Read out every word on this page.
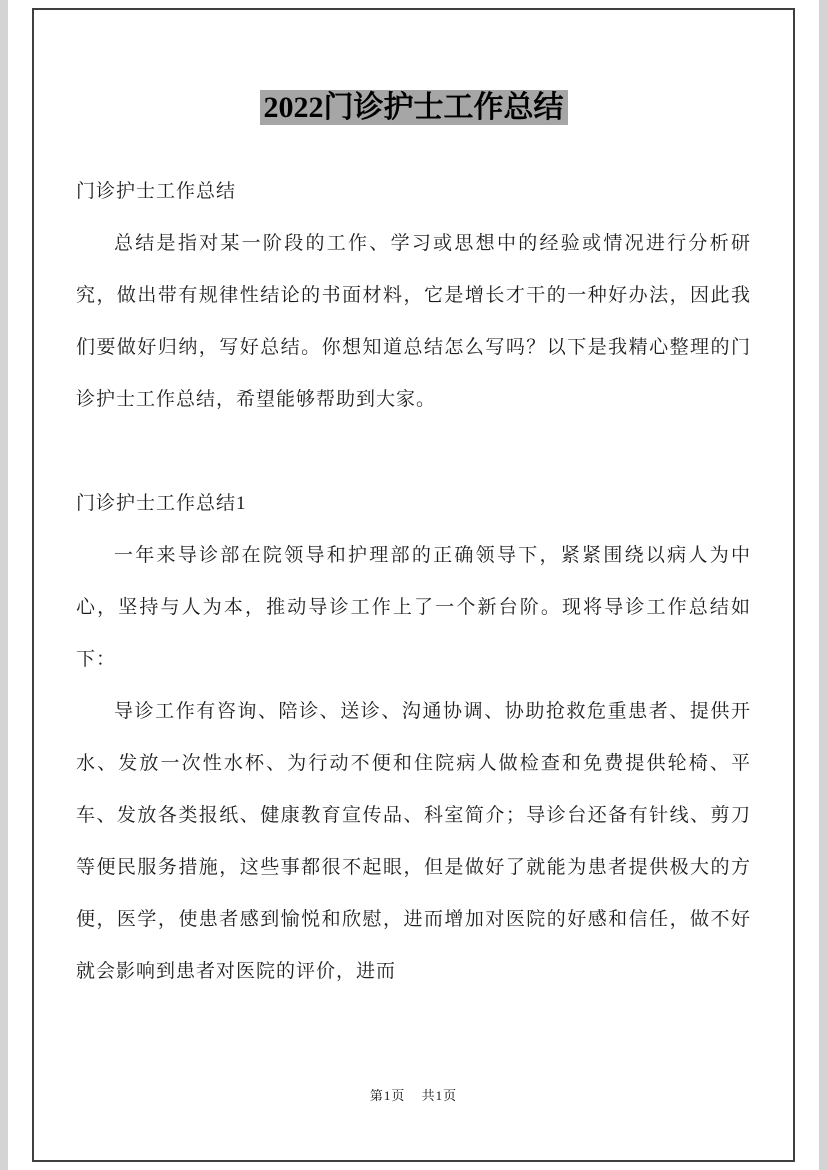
2022门诊护士工作总结

门诊护士工作总结

总结是指对某一阶段的工作、学习或思想中的经验或情况进行分析研究，做出带有规律性结论的书面材料，它是增长才干的一种好办法，因此我们要做好归纳，写好总结。你想知道总结怎么写吗？以下是我精心整理的门诊护士工作总结，希望能够帮助到大家。

门诊护士工作总结1

一年来导诊部在院领导和护理部的正确领导下，紧紧围绕以病人为中心，坚持与人为本，推动导诊工作上了一个新台阶。现将导诊工作总结如下：

导诊工作有咨询、陪诊、送诊、沟通协调、协助抢救危重患者、提供开水、发放一次性水杯、为行动不便和住院病人做检查和免费提供轮椅、平车、发放各类报纸、健康教育宣传品、科室简介；导诊台还备有针线、剪刀等便民服务措施，这些事都很不起眼，但是做好了就能为患者提供极大的方便，医学，使患者感到愉悦和欣慰，进而增加对医院的好感和信任，做不好就会影响到患者对医院的评价，进而

第1页 共1页
